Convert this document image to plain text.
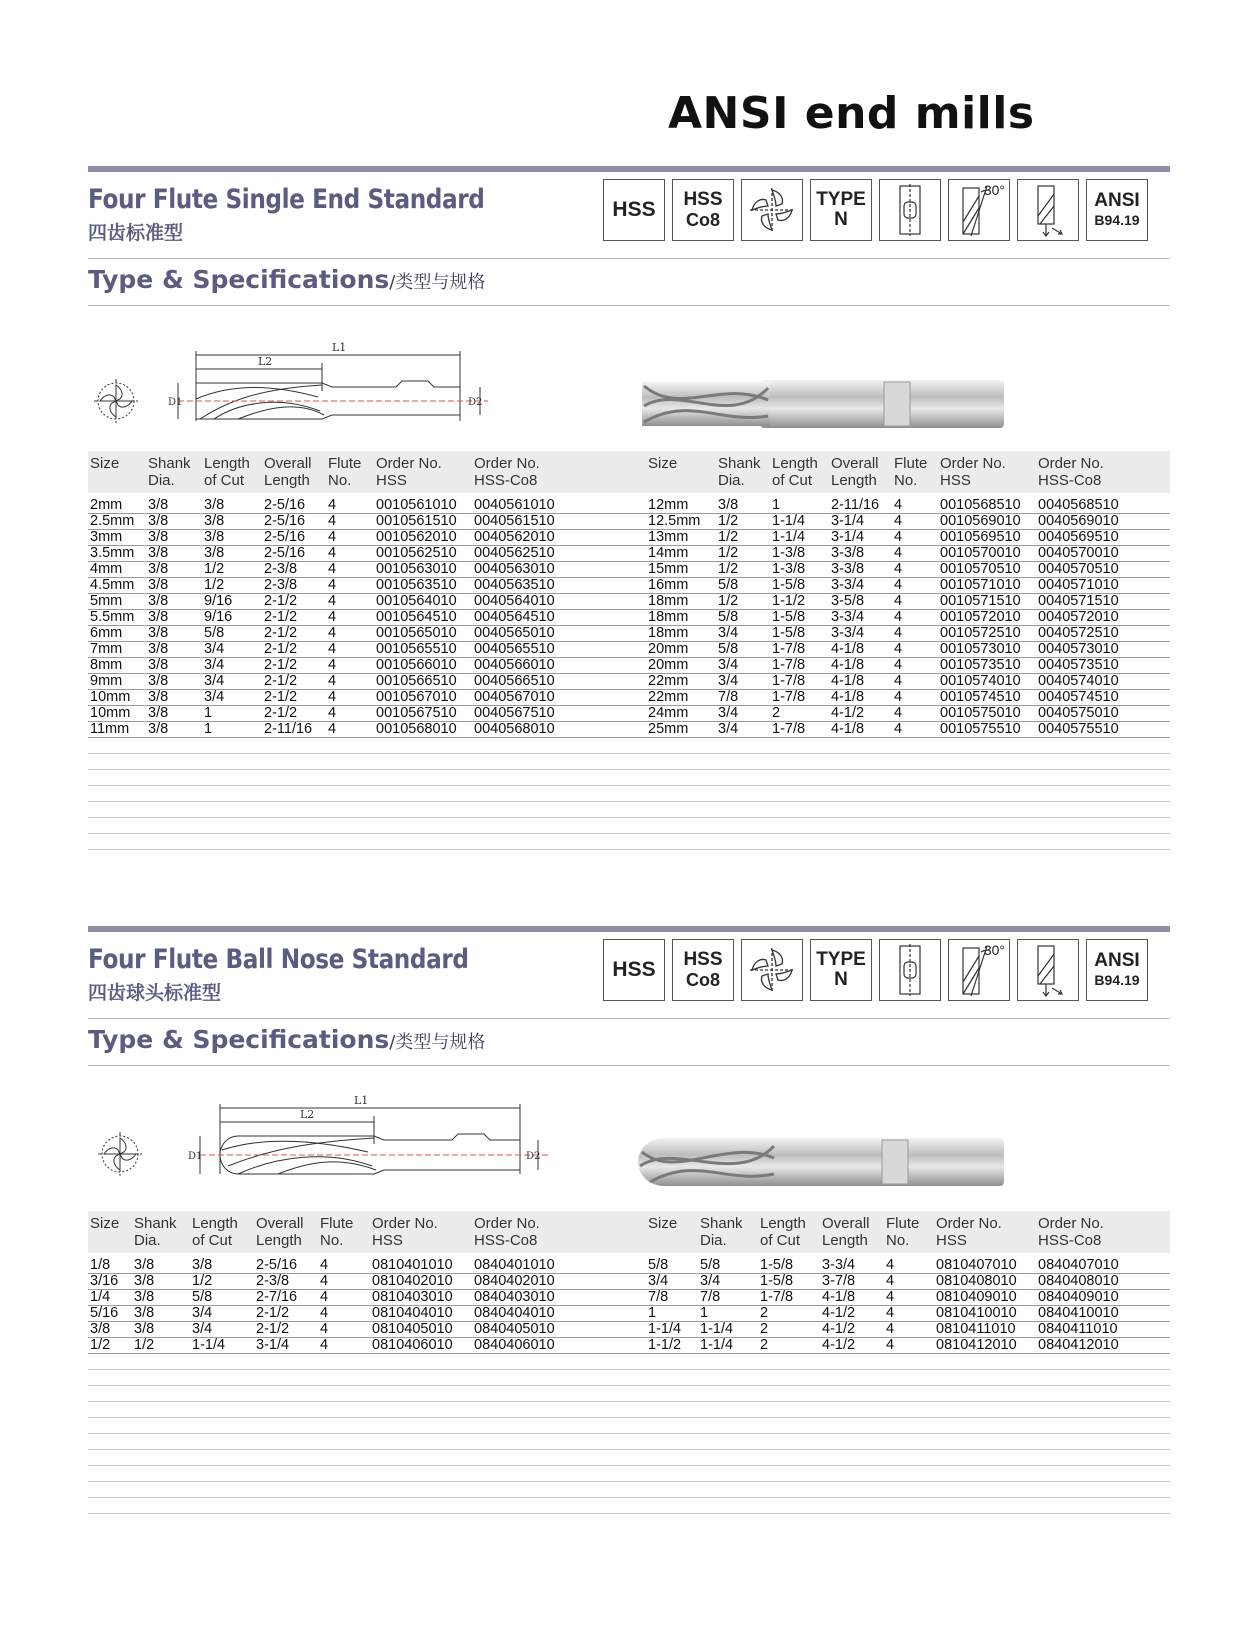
ANSI end mills
Four Flute Single End Standard
四齿标准型
HSS HSS
Co8
TYPE
N
30°	ANSI
B94.19
Type & Specifications/类型与规格
L1
L2
D1	D2
Size Shank
Dia.
Length
of Cut
Overall
Length
Flute
No.
Order No.
HSS
Order No.
HSS-Co8
Size	Shank
Dia.
Length
of Cut
Overall
Length
Flute
No.
Order No.
HSS
Order No.
HSS-Co8
2mm 3/8 3/8	2-5/16 4	0010561010 0040561010	12mm 3/8 1	2-11/16 4	0010568510 0040568510
2.5mm 3/8 3/8	2-5/16 4	0010561510 0040561510	12.5mm 1/2 1-1/4 3-1/4 4	0010569010 0040569010
3mm 3/8 3/8	2-5/16 4	0010562010 0040562010	13mm 1/2 1-1/4 3-1/4 4	0010569510 0040569510
3.5mm 3/8 3/8	2-5/16 4	0010562510 0040562510	14mm 1/2 1-3/8 3-3/8 4	0010570010 0040570010
4mm 3/8 1/2	2-3/8 4	0010563010 0040563010	15mm 1/2 1-3/8 3-3/8 4	0010570510 0040570510
4.5mm 3/8 1/2	2-3/8 4	0010563510 0040563510	16mm 5/8 1-5/8 3-3/4 4	0010571010 0040571010
5mm 3/8 9/16 2-1/2 4	0010564010 0040564010	18mm 1/2 1-1/2 3-5/8 4	0010571510 0040571510
5.5mm 3/8 9/16 2-1/2 4	0010564510 0040564510	18mm 5/8 1-5/8 3-3/4 4	0010572010 0040572010
6mm 3/8 5/8	2-1/2 4	0010565010 0040565010	18mm 3/4 1-5/8 3-3/4 4	0010572510 0040572510
7mm 3/8 3/4	2-1/2 4	0010565510 0040565510	20mm 5/8 1-7/8 4-1/8 4	0010573010 0040573010
8mm 3/8 3/4	2-1/2 4	0010566010 0040566010	20mm 3/4 1-7/8 4-1/8 4	0010573510 0040573510
9mm 3/8 3/4	2-1/2 4	0010566510 0040566510	22mm 3/4 1-7/8 4-1/8 4	0010574010 0040574010
10mm 3/8 3/4	2-1/2 4	0010567010 0040567010	22mm 7/8 1-7/8 4-1/8 4	0010574510 0040574510
10mm 3/8 1	2-1/2 4	0010567510 0040567510	24mm 3/4 2	4-1/2 4	0010575010 0040575010
11mm 3/8 1	2-11/16 4	0010568010 0040568010	25mm 3/4 1-7/8 4-1/8 4	0010575510 0040575510
Four Flute Ball Nose Standard
四齿球头标准型
HSS HSS
Co8
TYPE
N
30°	ANSI
B94.19
Type & Specifications/类型与规格
L1
L2
D1	D2
Size Shank
Dia.
Length
of Cut
Overall
Length
Flute
No.
Order No.
HSS
Order No.
HSS-Co8
Size Shank
Dia.
Length
of Cut
Overall
Length
Flute
No.
Order No.
HSS
Order No.
HSS-Co8
1/8 3/8	3/8	2-5/16 4	0810401010 0840401010	5/8 5/8	1-5/8 3-3/4 4	0810407010 0840407010
3/16 3/8	1/2	2-3/8 4	0810402010 0840402010	3/4 3/4	1-5/8 3-7/8 4	0810408010 0840408010
1/4 3/8	5/8	2-7/16 4	0810403010 0840403010	7/8 7/8	1-7/8 4-1/8 4	0810409010 0840409010
5/16 3/8	3/4	2-1/2 4	0810404010 0840404010	1	1	2	4-1/2 4	0810410010 0840410010
3/8 3/8	3/4	2-1/2 4	0810405010 0840405010	1-1/4 1-1/4 2	4-1/2 4	0810411010 0840411010
1/2 1/2	1-1/4 3-1/4 4	0810406010 0840406010	1-1/2 1-1/4 2	4-1/2 4	0810412010 0840412010
